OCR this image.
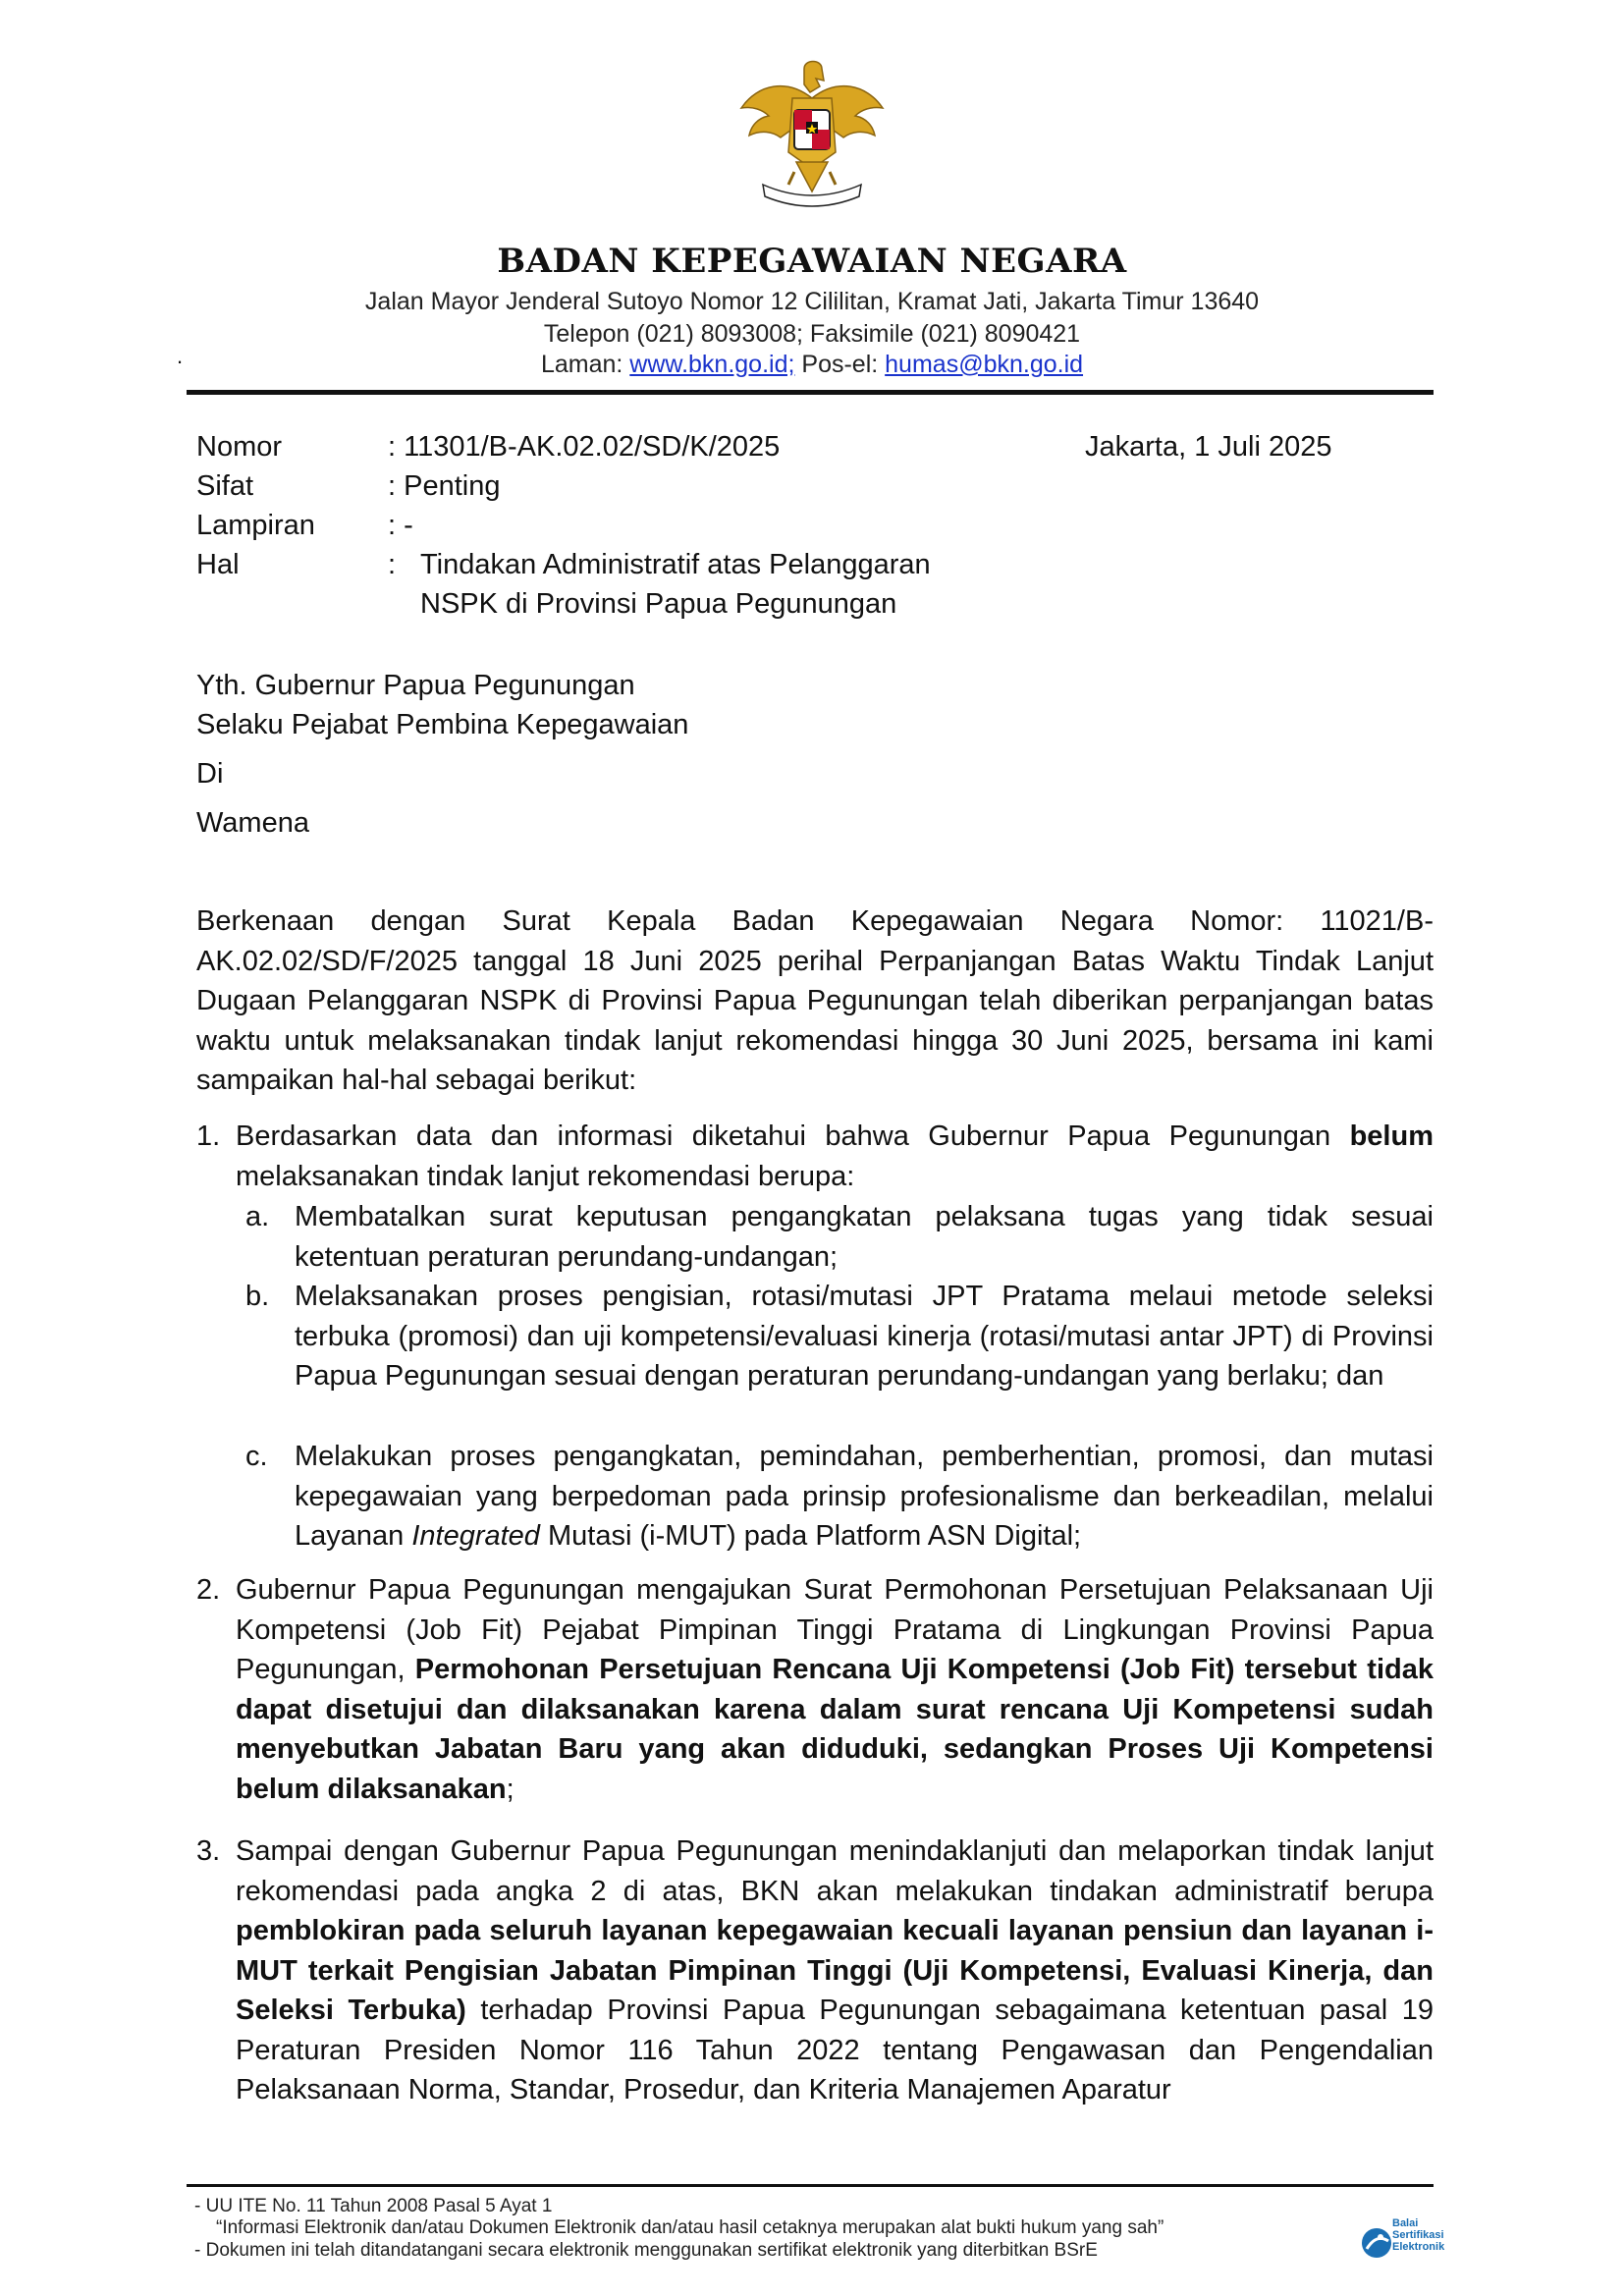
BADAN KEPEGAWAIAN NEGARA
Jalan Mayor Jenderal Sutoyo Nomor 12 Cililitan, Kramat Jati, Jakarta Timur 13640
Telepon (021) 8093008; Faksimile (021) 8090421
Laman: www.bkn.go.id; Pos-el: humas@bkn.go.id
.
Nomor	: 11301/B-AK.02.02/SD/K/2025	Jakarta, 1 Juli 2025
Sifat	: Penting
Lampiran	: -
Hal	: Tindakan Administratif atas Pelanggaran
NSPK di Provinsi Papua Pegunungan
Yth. Gubernur Papua Pegunungan
Selaku Pejabat Pembina Kepegawaian
Di
Wamena
Berkenaan dengan Surat Kepala Badan Kepegawaian Negara Nomor: 11021/B-AK.02.02/SD/F/2025 tanggal 18 Juni 2025 perihal Perpanjangan Batas Waktu Tindak Lanjut Dugaan Pelanggaran NSPK di Provinsi Papua Pegunungan telah diberikan perpanjangan batas waktu untuk melaksanakan tindak lanjut rekomendasi hingga 30 Juni 2025, bersama ini kami sampaikan hal-hal sebagai berikut:
1. Berdasarkan data dan informasi diketahui bahwa Gubernur Papua Pegunungan belum melaksanakan tindak lanjut rekomendasi berupa:
a. Membatalkan surat keputusan pengangkatan pelaksana tugas yang tidak sesuai ketentuan peraturan perundang-undangan;
b. Melaksanakan proses pengisian, rotasi/mutasi JPT Pratama melaui metode seleksi terbuka (promosi) dan uji kompetensi/evaluasi kinerja (rotasi/mutasi antar JPT) di Provinsi Papua Pegunungan sesuai dengan peraturan perundang-undangan yang berlaku; dan
c. Melakukan proses pengangkatan, pemindahan, pemberhentian, promosi, dan mutasi kepegawaian yang berpedoman pada prinsip profesionalisme dan berkeadilan, melalui Layanan Integrated Mutasi (i-MUT) pada Platform ASN Digital;
2. Gubernur Papua Pegunungan mengajukan Surat Permohonan Persetujuan Pelaksanaan Uji Kompetensi (Job Fit) Pejabat Pimpinan Tinggi Pratama di Lingkungan Provinsi Papua Pegunungan, Permohonan Persetujuan Rencana Uji Kompetensi (Job Fit) tersebut tidak dapat disetujui dan dilaksanakan karena dalam surat rencana Uji Kompetensi sudah menyebutkan Jabatan Baru yang akan diduduki, sedangkan Proses Uji Kompetensi belum dilaksanakan;
3. Sampai dengan Gubernur Papua Pegunungan menindaklanjuti dan melaporkan tindak lanjut rekomendasi pada angka 2 di atas, BKN akan melakukan tindakan administratif berupa pemblokiran pada seluruh layanan kepegawaian kecuali layanan pensiun dan layanan i-MUT terkait Pengisian Jabatan Pimpinan Tinggi (Uji Kompetensi, Evaluasi Kinerja, dan Seleksi Terbuka) terhadap Provinsi Papua Pegunungan sebagaimana ketentuan pasal 19 Peraturan Presiden Nomor 116 Tahun 2022 tentang Pengawasan dan Pengendalian Pelaksanaan Norma, Standar, Prosedur, dan Kriteria Manajemen Aparatur
- UU ITE No. 11 Tahun 2008 Pasal 5 Ayat 1
“Informasi Elektronik dan/atau Dokumen Elektronik dan/atau hasil cetaknya merupakan alat bukti hukum yang sah”
- Dokumen ini telah ditandatangani secara elektronik menggunakan sertifikat elektronik yang diterbitkan BSrE
Balai
Sertifikasi
Elektronik
